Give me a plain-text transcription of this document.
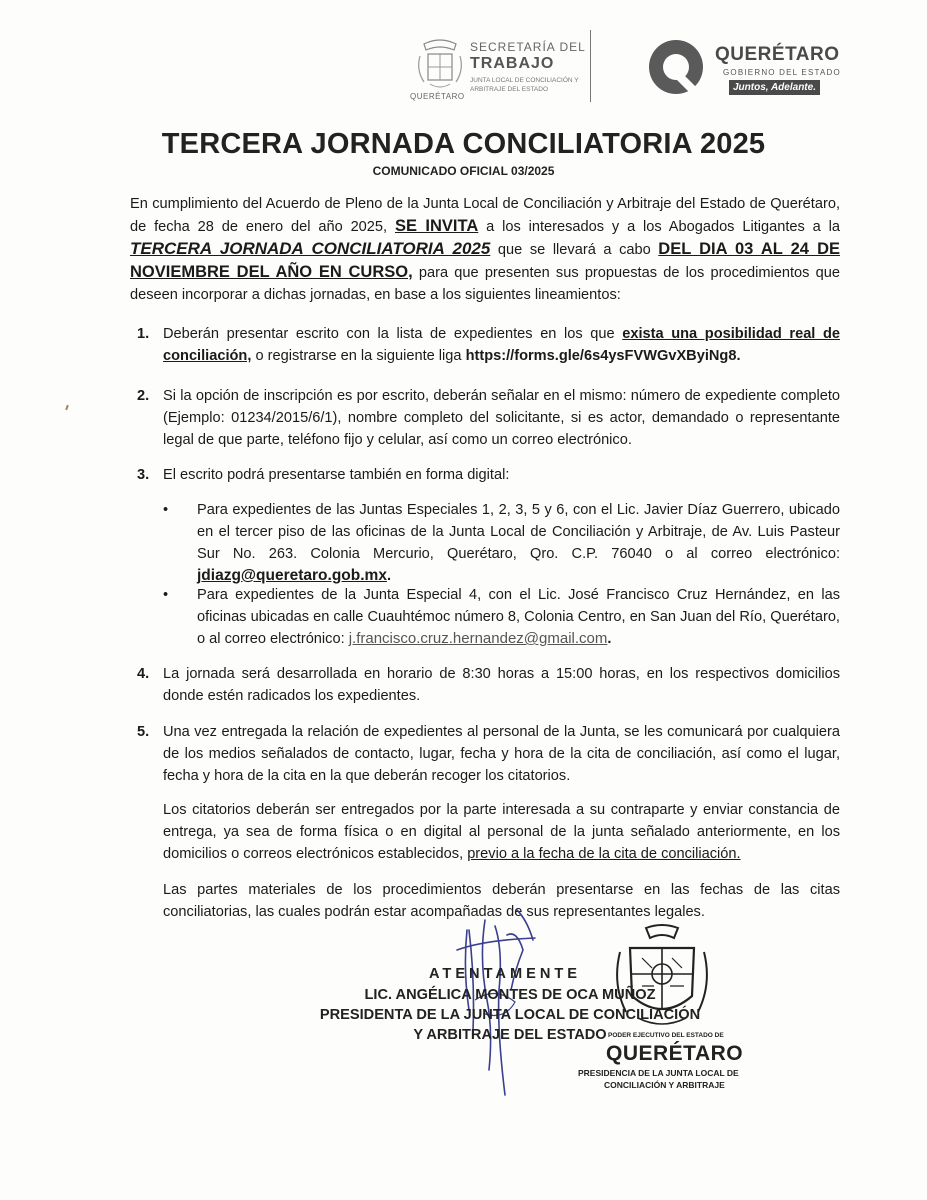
QUERÉTARO
SECRETARÍA DEL
TRABAJO
JUNTA LOCAL DE CONCILIACIÓN Y ARBITRAJE DEL ESTADO
QUERÉTARO
GOBIERNO DEL ESTADO
Juntos, Adelante.
TERCERA JORNADA CONCILIATORIA 2025
COMUNICADO OFICIAL 03/2025
En cumplimiento del Acuerdo de Pleno de la Junta Local de Conciliación y Arbitraje del Estado de Querétaro, de fecha 28 de enero del año 2025, SE INVITA a los interesados y a los Abogados Litigantes a la TERCERA JORNADA CONCILIATORIA 2025 que se llevará a cabo DEL DIA 03 AL 24 DE NOVIEMBRE DEL AÑO EN CURSO, para que presenten sus propuestas de los procedimientos que deseen incorporar a dichas jornadas, en base a los siguientes lineamientos:
1. Deberán presentar escrito con la lista de expedientes en los que exista una posibilidad real de conciliación, o registrarse en la siguiente liga https://forms.gle/6s4ysFVWGvXByiNg8.
2. Si la opción de inscripción es por escrito, deberán señalar en el mismo: número de expediente completo (Ejemplo: 01234/2015/6/1), nombre completo del solicitante, si es actor, demandado o representante legal de que parte, teléfono fijo y celular, así como un correo electrónico.
3. El escrito podrá presentarse también en forma digital:
• Para expedientes de las Juntas Especiales 1, 2, 3, 5 y 6, con el Lic. Javier Díaz Guerrero, ubicado en el tercer piso de las oficinas de la Junta Local de Conciliación y Arbitraje, de Av. Luis Pasteur Sur No. 263. Colonia Mercurio, Querétaro, Qro. C.P. 76040 o al correo electrónico: jdiazg@queretaro.gob.mx.
• Para expedientes de la Junta Especial 4, con el Lic. José Francisco Cruz Hernández, en las oficinas ubicadas en calle Cuauhtémoc número 8, Colonia Centro, en San Juan del Río, Querétaro, o al correo electrónico: j.francisco.cruz.hernandez@gmail.com.
4. La jornada será desarrollada en horario de 8:30 horas a 15:00 horas, en los respectivos domicilios donde estén radicados los expedientes.
5. Una vez entregada la relación de expedientes al personal de la Junta, se les comunicará por cualquiera de los medios señalados de contacto, lugar, fecha y hora de la cita de conciliación, así como el lugar, fecha y hora de la cita en la que deberán recoger los citatorios.
Los citatorios deberán ser entregados por la parte interesada a su contraparte y enviar constancia de entrega, ya sea de forma física o en digital al personal de la junta señalado anteriormente, en los domicilios o correos electrónicos establecidos, previo a la fecha de la cita de conciliación.
Las partes materiales de los procedimientos deberán presentarse en las fechas de las citas conciliatorias, las cuales podrán estar acompañadas de sus representantes legales.
ATENTAMENTE
LIC. ANGÉLICA MONTES DE OCA MUÑOZ
PRESIDENTA DE LA JUNTA LOCAL DE CONCILIACIÓN
Y ARBITRAJE DEL ESTADO PODER EJECUTIVO DEL ESTADO DE
QUERÉTARO
PRESIDENCIA DE LA JUNTA LOCAL DE
CONCILIACIÓN Y ARBITRAJE
